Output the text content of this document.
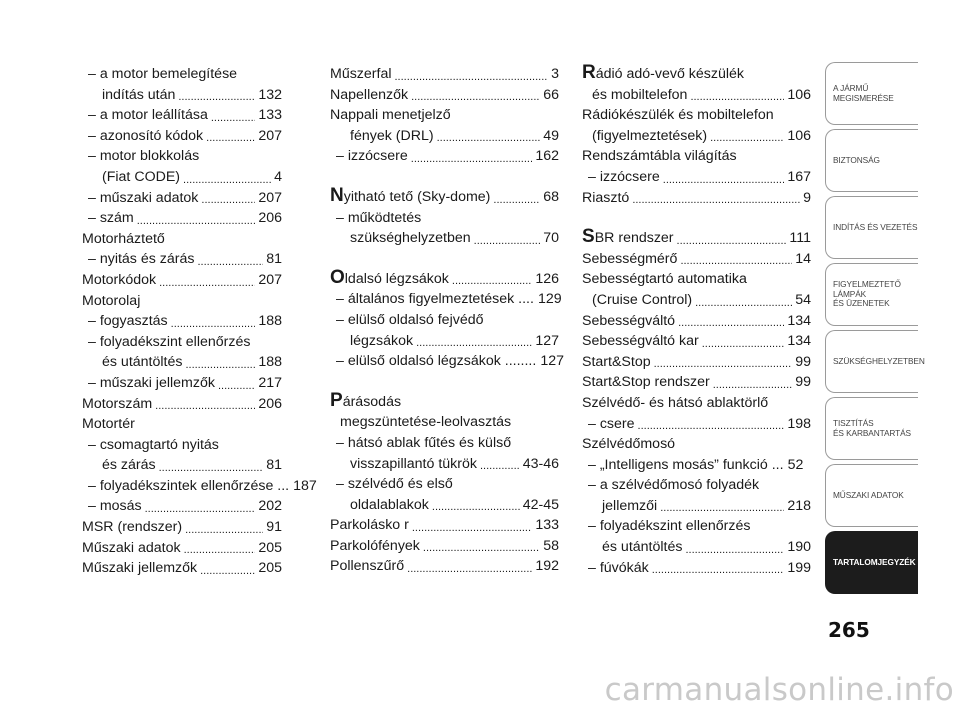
– a motor bemelegítése
indítás után .....	132
– a motor leállítása .....	133
– azonosító kódok .....	207
– motor blokkolás
(Fiat CODE) .....	4
– műszaki adatok .....	207
– szám .....	206
Motorháztető
– nyitás és zárás .....	81
Motorkódok .....	207
Motorolaj
– fogyasztás .....	188
– folyadékszint ellenőrzés
és utántöltés .....	188
– műszaki jellemzők .....	217
Motorszám .....	206
Motortér
– csomagtartó nyitás
és zárás .....	81
– folyadékszintek ellenőrzése ... 187
– mosás .....	202
MSR (rendszer) .....	91
Műszaki adatok .....	205
Műszaki jellemzők .....	205
Műszerfal .....	3
Napellenzők .....	66
Nappali menetjelző
fények (DRL) .....	49
– izzócsere .....	162
Nyitható tető (Sky-dome) .....	68
– működtetés
szükséghelyzetben .....	70
Oldalsó légzsákok .....	126
– általános figyelmeztetések .... 129
– elülső oldalsó fejvédő
légzsákok .....	127
– elülső oldalsó légzsákok ........ 127
Párásodás
megszüntetése-leolvasztás
– hátsó ablak fűtés és külső
visszapillantó tükrök .....	43-46
– szélvédő és első
oldalablakok .....	42-45
Parkolásko r .....	133
Parkolófények .....	58
Pollenszűrő .....	192
Rádió adó-vevő készülék
és mobiltelefon .....	106
Rádiókészülék és mobiltelefon
(figyelmeztetések) .....	106
Rendszámtábla világítás
– izzócsere .....	167
Riasztó .....	9
SBR rendszer .....	111
Sebességmérő .....	14
Sebességtartó automatika
(Cruise Control) .....	54
Sebességváltó .....	134
Sebességváltó kar .....	134
Start&Stop .....	99
Start&Stop rendszer .....	99
Szélvédő- és hátsó ablaktörlő
– csere .....	198
Szélvédőmosó
– „Intelligens mosás” funkció ... 52
– a szélvédőmosó folyadék
jellemzői .....	218
– folyadékszint ellenőrzés
és utántöltés .....	190
– fúvókák .....	199
A JÁRMŰ
MEGISMERÉSE
BIZTONSÁG
INDÍTÁS ÉS VEZETÉS
FIGYELMEZTETŐ
LÁMPÁK
ÉS ÜZENETEK
SZÜKSÉGHELYZETBEN
TISZTÍTÁS
ÉS KARBANTARTÁS
MŰSZAKI ADATOK
TARTALOMJEGYZÉK
265
carmanualsonline.info
